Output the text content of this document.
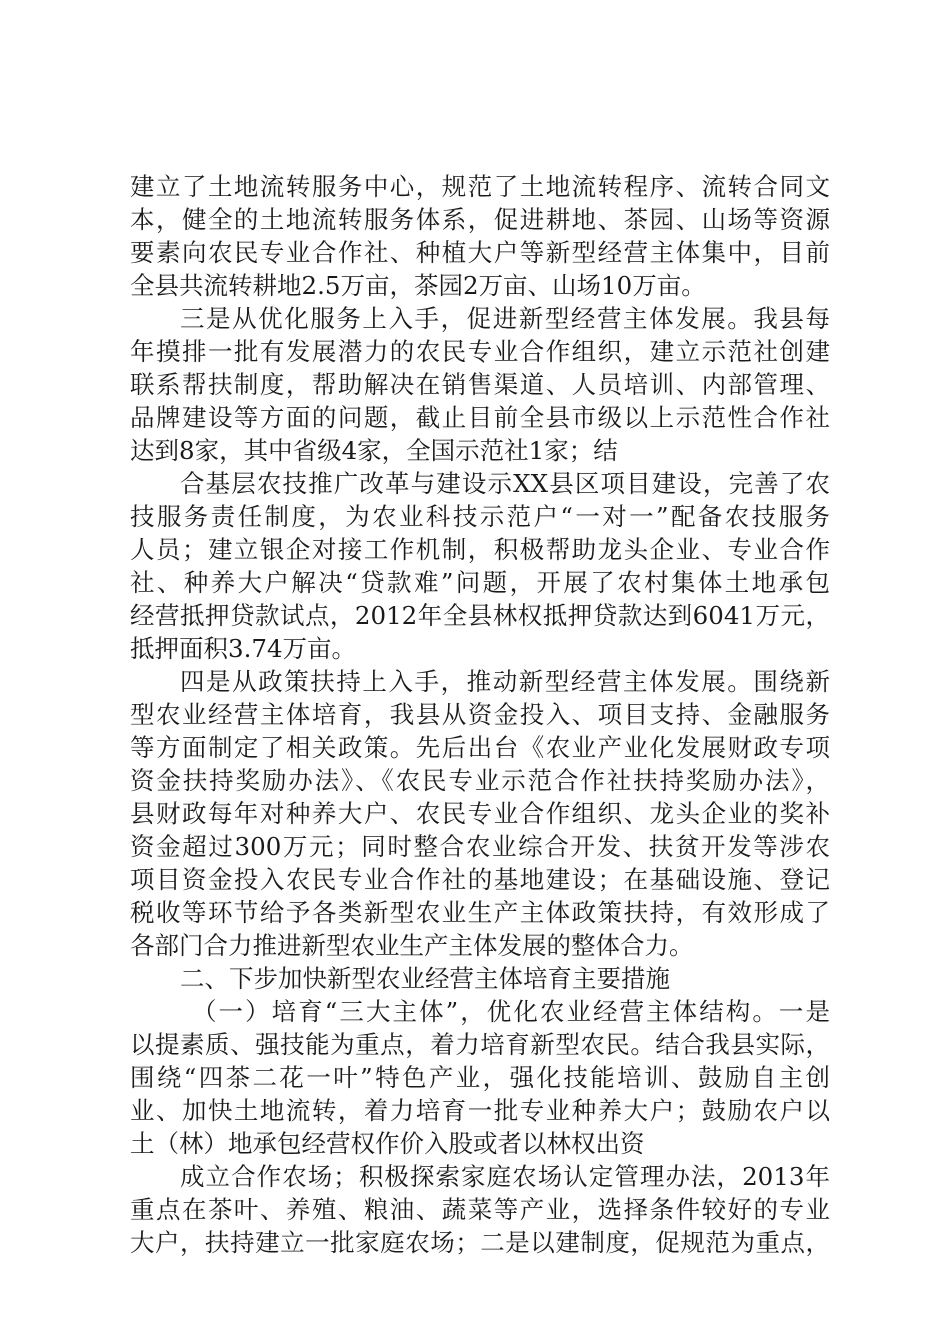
建立了土地流转服务中心，规范了土地流转程序、流转合同文
本，健全的土地流转服务体系，促进耕地、茶园、山场等资源
要素向农民专业合作社、种植大户等新型经营主体集中，目前
全县共流转耕地2.5万亩，茶园2万亩、山场10万亩。
三是从优化服务上入手，促进新型经营主体发展。我县每
年摸排一批有发展潜力的农民专业合作组织，建立示范社创建
联系帮扶制度，帮助解决在销售渠道、人员培训、内部管理、
品牌建设等方面的问题，截止目前全县市级以上示范性合作社
达到8家，其中省级4家，全国示范社1家；结
合基层农技推广改革与建设示XX县区项目建设，完善了农
技服务责任制度，为农业科技示范户“一对一”配备农技服务
人员；建立银企对接工作机制，积极帮助龙头企业、专业合作
社、种养大户解决“贷款难”问题，开展了农村集体土地承包
经营抵押贷款试点，2012年全县林权抵押贷款达到6041万元，
抵押面积3.74万亩。
四是从政策扶持上入手，推动新型经营主体发展。围绕新
型农业经营主体培育，我县从资金投入、项目支持、金融服务
等方面制定了相关政策。先后出台《农业产业化发展财政专项
资金扶持奖励办法》、《农民专业示范合作社扶持奖励办法》，
县财政每年对种养大户、农民专业合作组织、龙头企业的奖补
资金超过300万元；同时整合农业综合开发、扶贫开发等涉农
项目资金投入农民专业合作社的基地建设；在基础设施、登记
税收等环节给予各类新型农业生产主体政策扶持，有效形成了
各部门合力推进新型农业生产主体发展的整体合力。
二、下步加快新型农业经营主体培育主要措施
（一）培育“三大主体”，优化农业经营主体结构。一是
以提素质、强技能为重点，着力培育新型农民。结合我县实际，
围绕“四茶二花一叶”特色产业，强化技能培训、鼓励自主创
业、加快土地流转，着力培育一批专业种养大户；鼓励农户以
土（林）地承包经营权作价入股或者以林权出资
成立合作农场；积极探索家庭农场认定管理办法，2013年
重点在茶叶、养殖、粮油、蔬菜等产业，选择条件较好的专业
大户，扶持建立一批家庭农场；二是以建制度，促规范为重点，
